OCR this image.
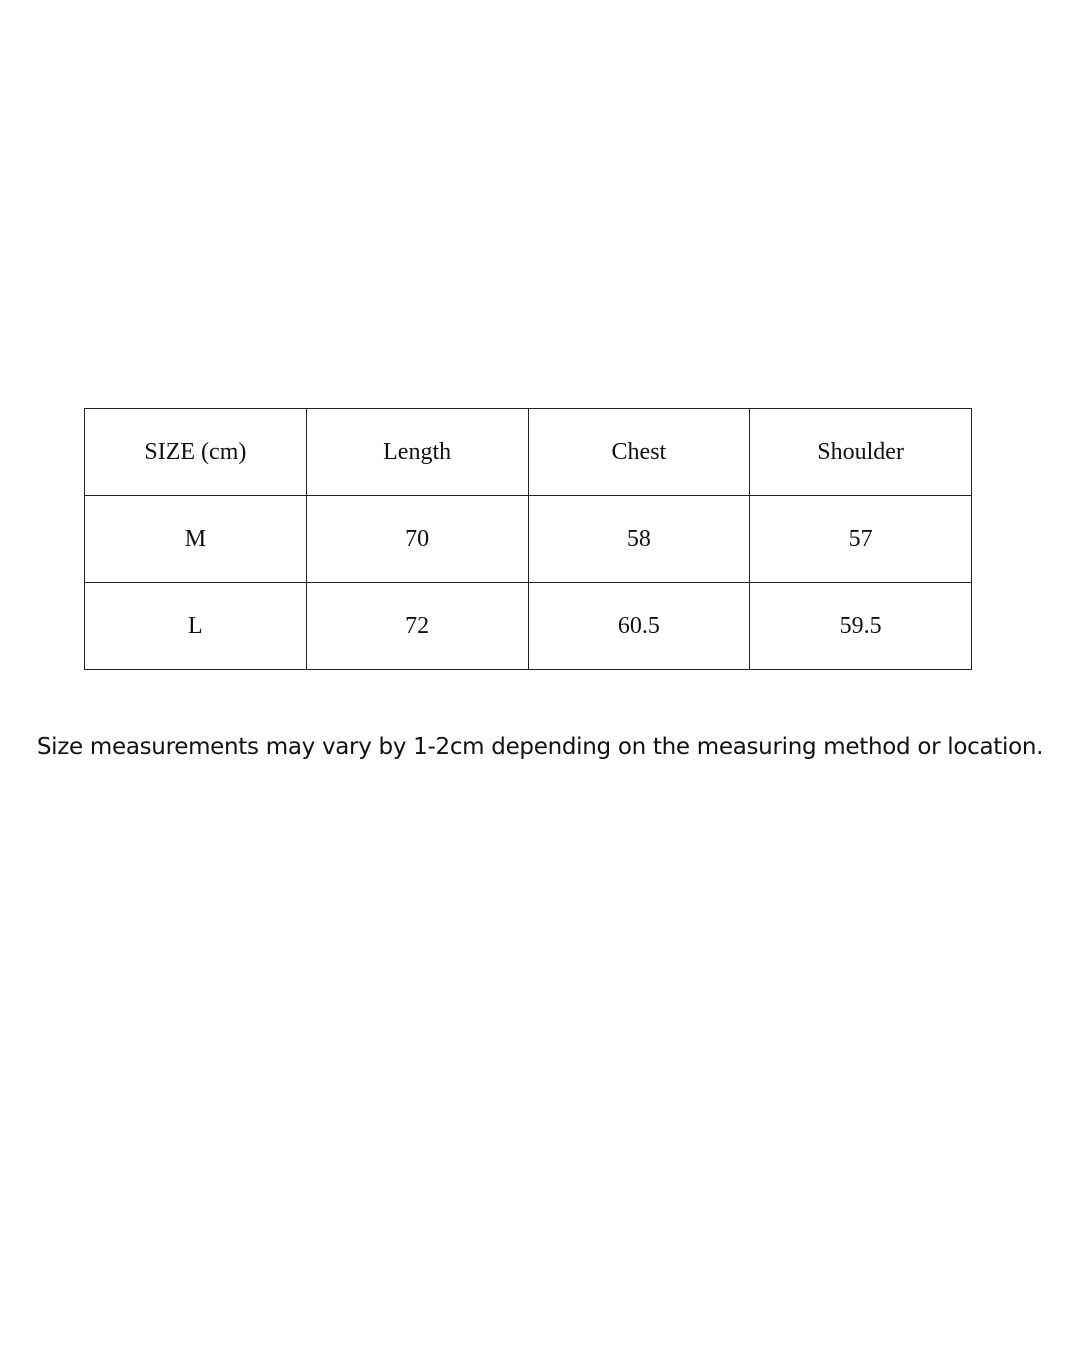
SIZE (cm)	Length	Chest	Shoulder
M	70	58	57
L	72	60.5	59.5
Size measurements may vary by 1-2cm depending on the measuring method or location.
